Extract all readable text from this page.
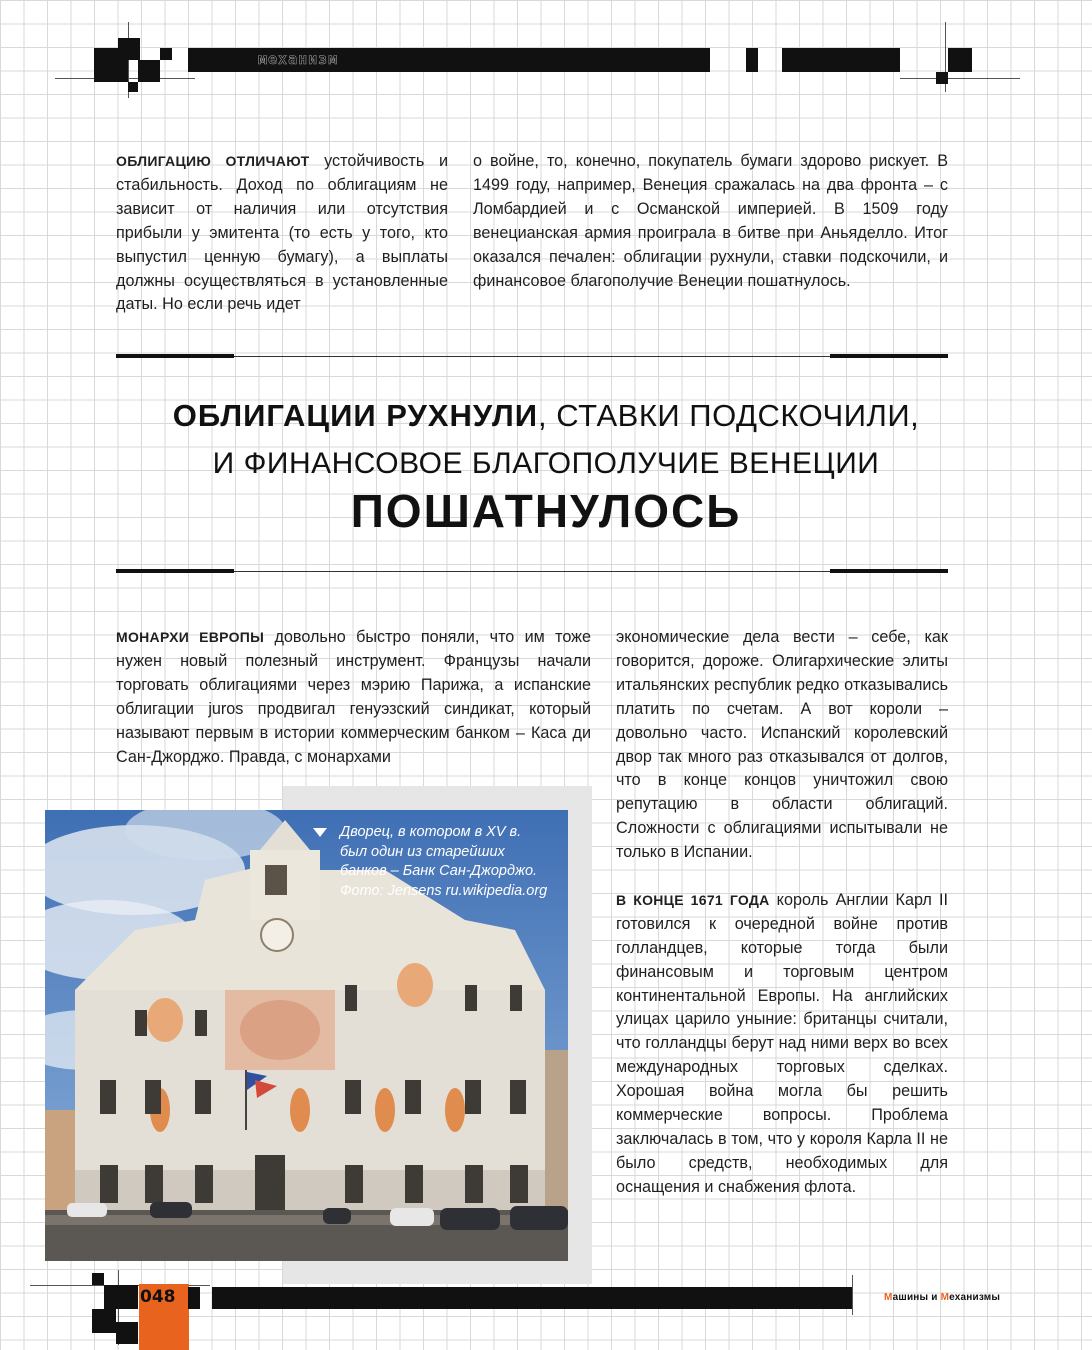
механизм
ОБЛИГАЦИЮ ОТЛИЧАЮТ устойчивость и стабильность. Доход по облигациям не зависит от наличия или отсутствия прибыли у эмитента (то есть у того, кто выпустил ценную бумагу), а выплаты должны осуществляться в установленные даты. Но если речь идет
о войне, то, конечно, покупатель бумаги здорово рискует. В 1499 году, например, Венеция сражалась на два фронта – с Ломбардией и с Османской империей. В 1509 году венецианская армия проиграла в битве при Аньяделло. Итог оказался печален: облигации рухнули, ставки подскочили, и финансовое благополучие Венеции пошатнулось.
ОБЛИГАЦИИ РУХНУЛИ, СТАВКИ ПОДСКОЧИЛИ,
И ФИНАНСОВОЕ БЛАГОПОЛУЧИЕ ВЕНЕЦИИ
ПОШАТНУЛОСЬ
МОНАРХИ ЕВРОПЫ довольно быстро поняли, что им тоже нужен новый полезный инструмент. Французы начали торговать облигациями через мэрию Парижа, а испанские облигации juros продвигал генуэзский синдикат, который называют первым в истории коммерческим банком – Каса ди Сан-Джорджо. Правда, с монархами

экономические дела вести – себе, как говорится, дороже. Олигархические элиты итальянских республик редко отказывались платить по счетам. А вот короли – довольно часто. Испанский королевский двор так много раз отказывался от долгов, что в конце концов уничтожил свою репутацию в области облигаций. Сложности с облигациями испытывали не только в Испании.

В КОНЦЕ 1671 ГОДА король Англии Карл II готовился к очередной войне против голландцев, которые тогда были финансовым и торговым центром континентальной Европы. На английских улицах царило уныние: британцы считали, что голландцы берут над ними верх во всех международных торговых сделках. Хорошая война могла бы решить коммерческие вопросы. Проблема заключалась в том, что у короля Карла II не было средств, необходимых для оснащения и снабжения флота.

Дворец, в котором в XV в. был один из старейших банков – Банк Сан-Джорджо. Фото: Jensens ru.wikipedia.org
048	Машины и Механизмы
